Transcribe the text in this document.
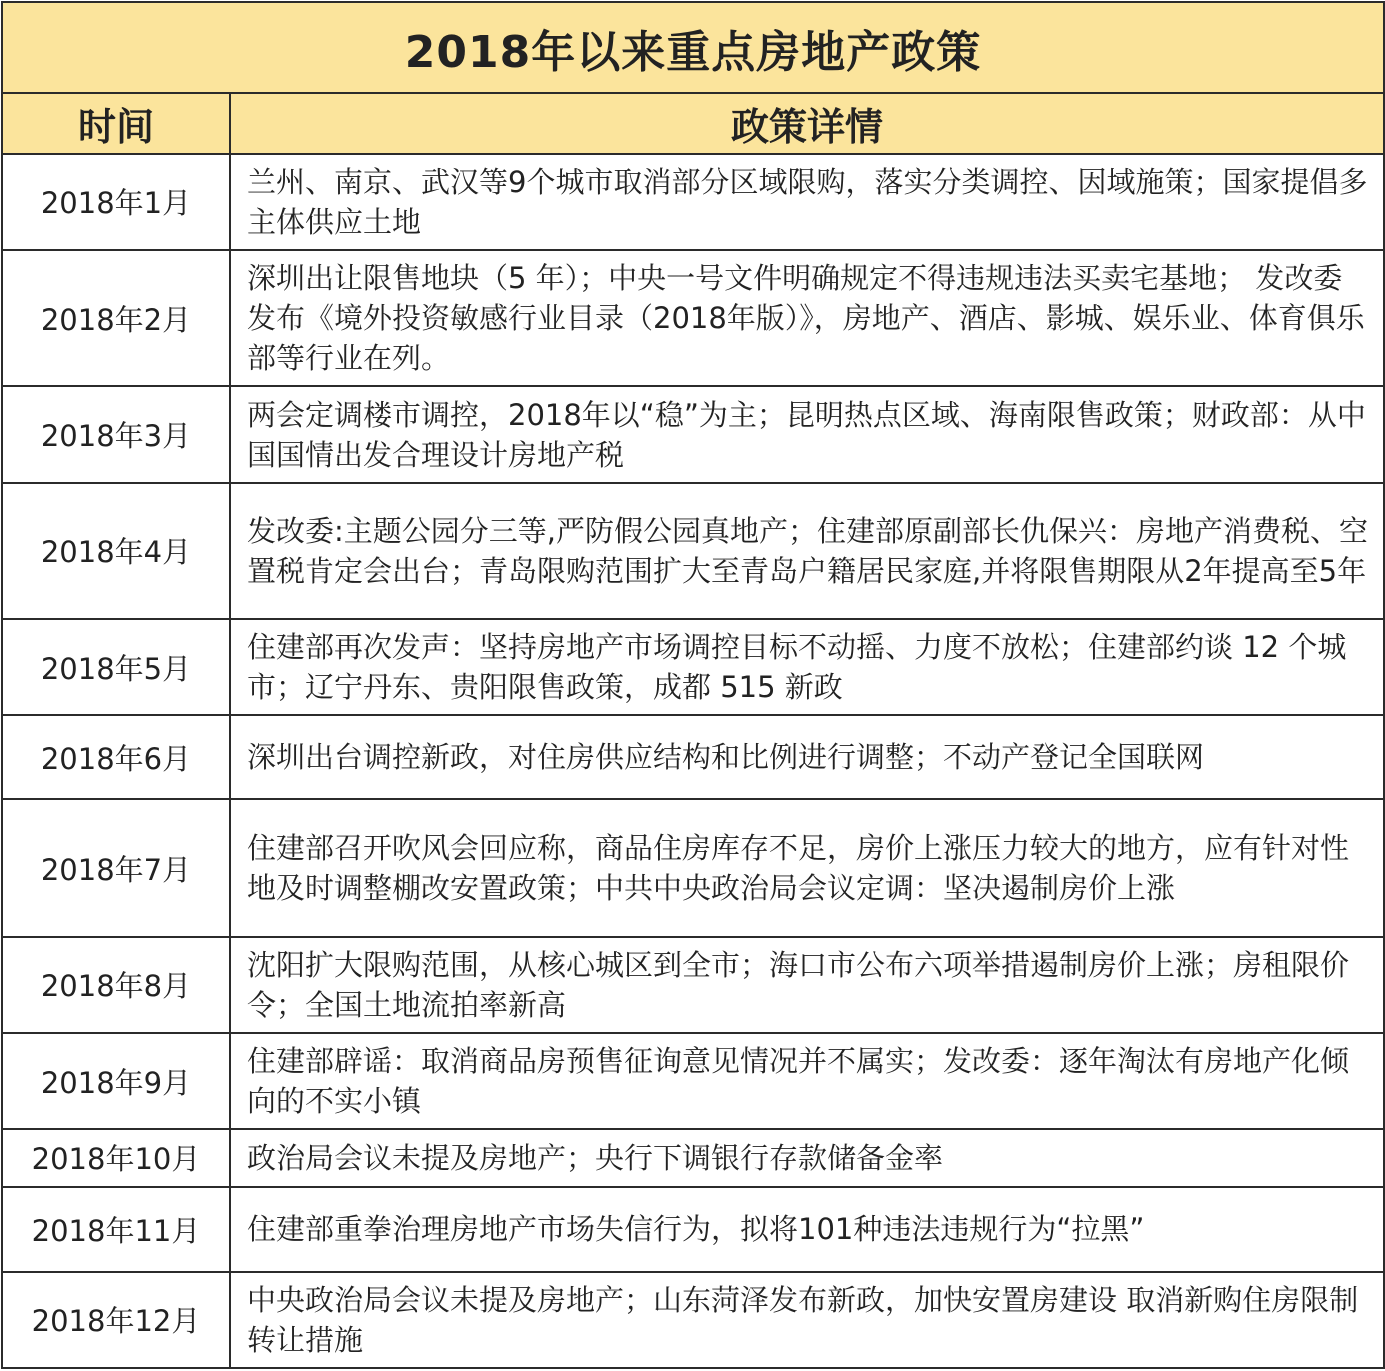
2018年以来重点房地产政策	
时间	政策详情
2018年1月	兰州、南京、武汉等9个城市取消部分区域限购，落实分类调控、因域施策；国家提倡多主体供应土地
2018年2月	深圳出让限售地块（5 年）；中央一号文件明确规定不得违规违法买卖宅基地； 发改委发布《境外投资敏感行业目录（2018年版）》，房地产、酒店、影城、娱乐业、体育俱乐部等行业在列。
2018年3月	两会定调楼市调控，2018年以“稳”为主；昆明热点区域、海南限售政策；财政部：从中国国情出发合理设计房地产税
2018年4月	发改委:主题公园分三等,严防假公园真地产；住建部原副部长仇保兴：房地产消费税、空置税肯定会出台；青岛限购范围扩大至青岛户籍居民家庭,并将限售期限从2年提高至5年
2018年5月	住建部再次发声：坚持房地产市场调控目标不动摇、力度不放松；住建部约谈 12 个城市；辽宁丹东、贵阳限售政策，成都 515 新政
2018年6月	深圳出台调控新政，对住房供应结构和比例进行调整；不动产登记全国联网
2018年7月	住建部召开吹风会回应称，商品住房库存不足，房价上涨压力较大的地方，应有针对性地及时调整棚改安置政策；中共中央政治局会议定调：坚决遏制房价上涨
2018年8月	沈阳扩大限购范围，从核心城区到全市；海口市公布六项举措遏制房价上涨；房租限价令；全国土地流拍率新高
2018年9月	住建部辟谣：取消商品房预售征询意见情况并不属实；发改委：逐年淘汰有房地产化倾向的不实小镇
2018年10月	政治局会议未提及房地产；央行下调银行存款储备金率
2018年11月	住建部重拳治理房地产市场失信行为，拟将101种违法违规行为“拉黑”
2018年12月	中央政治局会议未提及房地产；山东菏泽发布新政，加快安置房建设 取消新购住房限制转让措施
